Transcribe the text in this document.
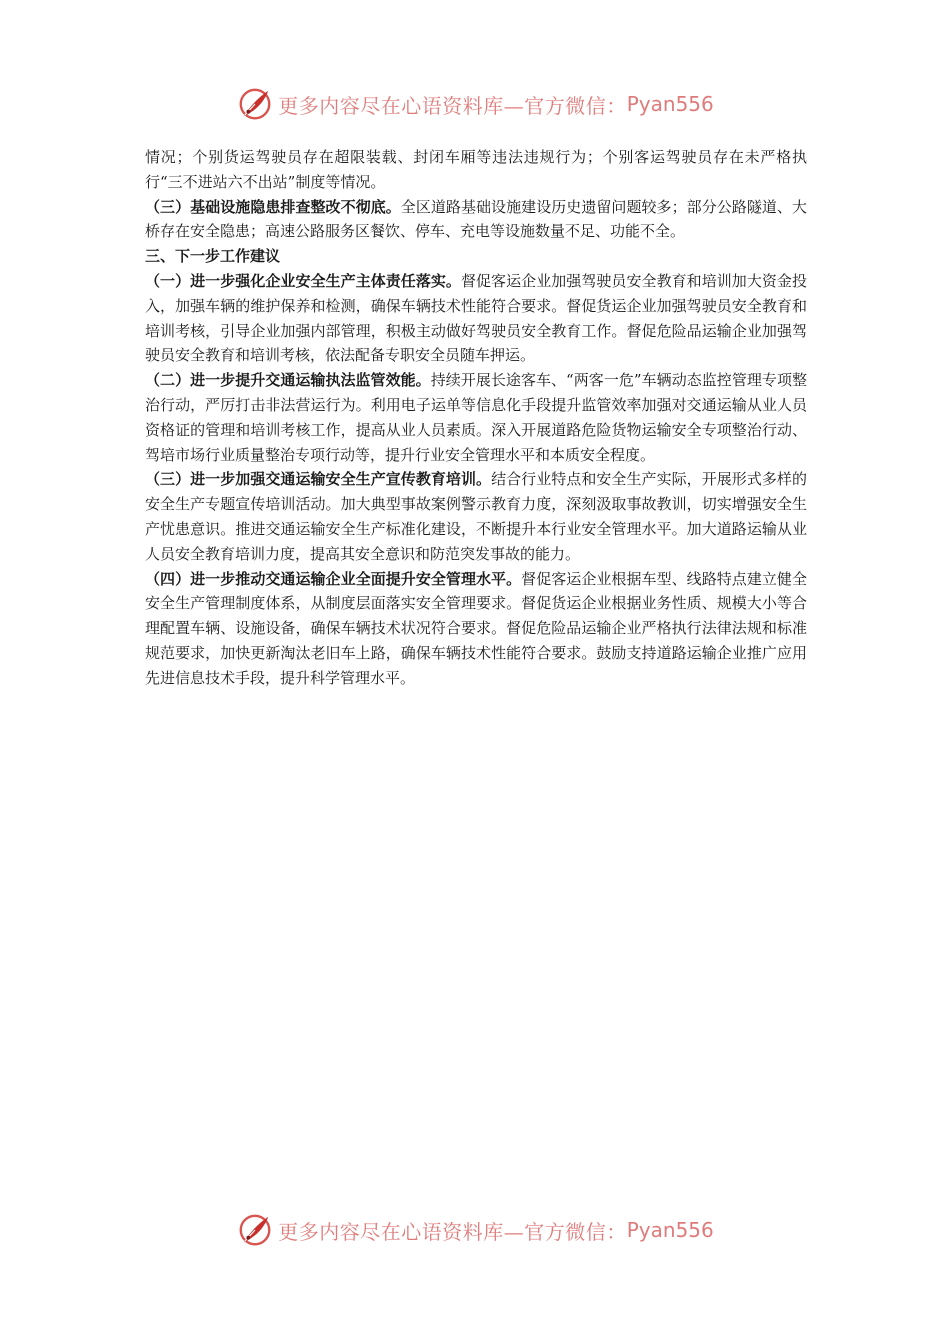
更多内容尽在心语资料库—官方微信： Pyan556

情况；个别货运驾驶员存在超限装载、封闭车厢等违法违规行为；个别客运驾驶员存在未严格执行“三不进站六不出站”制度等情况。

（三）基础设施隐患排查整改不彻底。全区道路基础设施建设历史遗留问题较多；部分公路隧道、大桥存在安全隐患；高速公路服务区餐饮、停车、充电等设施数量不足、功能不全。

三、下一步工作建议

（一）进一步强化企业安全生产主体责任落实。督促客运企业加强驾驶员安全教育和培训加大资金投入，加强车辆的维护保养和检测，确保车辆技术性能符合要求。督促货运企业加强驾驶员安全教育和培训考核，引导企业加强内部管理，积极主动做好驾驶员安全教育工作。督促危险品运输企业加强驾驶员安全教育和培训考核，依法配备专职安全员随车押运。

（二）进一步提升交通运输执法监管效能。持续开展长途客车、“两客一危”车辆动态监控管理专项整治行动，严厉打击非法营运行为。利用电子运单等信息化手段提升监管效率加强对交通运输从业人员资格证的管理和培训考核工作，提高从业人员素质。深入开展道路危险货物运输安全专项整治行动、驾培市场行业质量整治专项行动等，提升行业安全管理水平和本质安全程度。

（三）进一步加强交通运输安全生产宣传教育培训。结合行业特点和安全生产实际，开展形式多样的安全生产专题宣传培训活动。加大典型事故案例警示教育力度，深刻汲取事故教训，切实增强安全生产忧患意识。推进交通运输安全生产标准化建设，不断提升本行业安全管理水平。加大道路运输从业人员安全教育培训力度，提高其安全意识和防范突发事故的能力。

（四）进一步推动交通运输企业全面提升安全管理水平。督促客运企业根据车型、线路特点建立健全安全生产管理制度体系，从制度层面落实安全管理要求。督促货运企业根据业务性质、规模大小等合理配置车辆、设施设备，确保车辆技术状况符合要求。督促危险品运输企业严格执行法律法规和标准规范要求，加快更新淘汰老旧车上路，确保车辆技术性能符合要求。鼓励支持道路运输企业推广应用先进信息技术手段，提升科学管理水平。

更多内容尽在心语资料库—官方微信： Pyan556
